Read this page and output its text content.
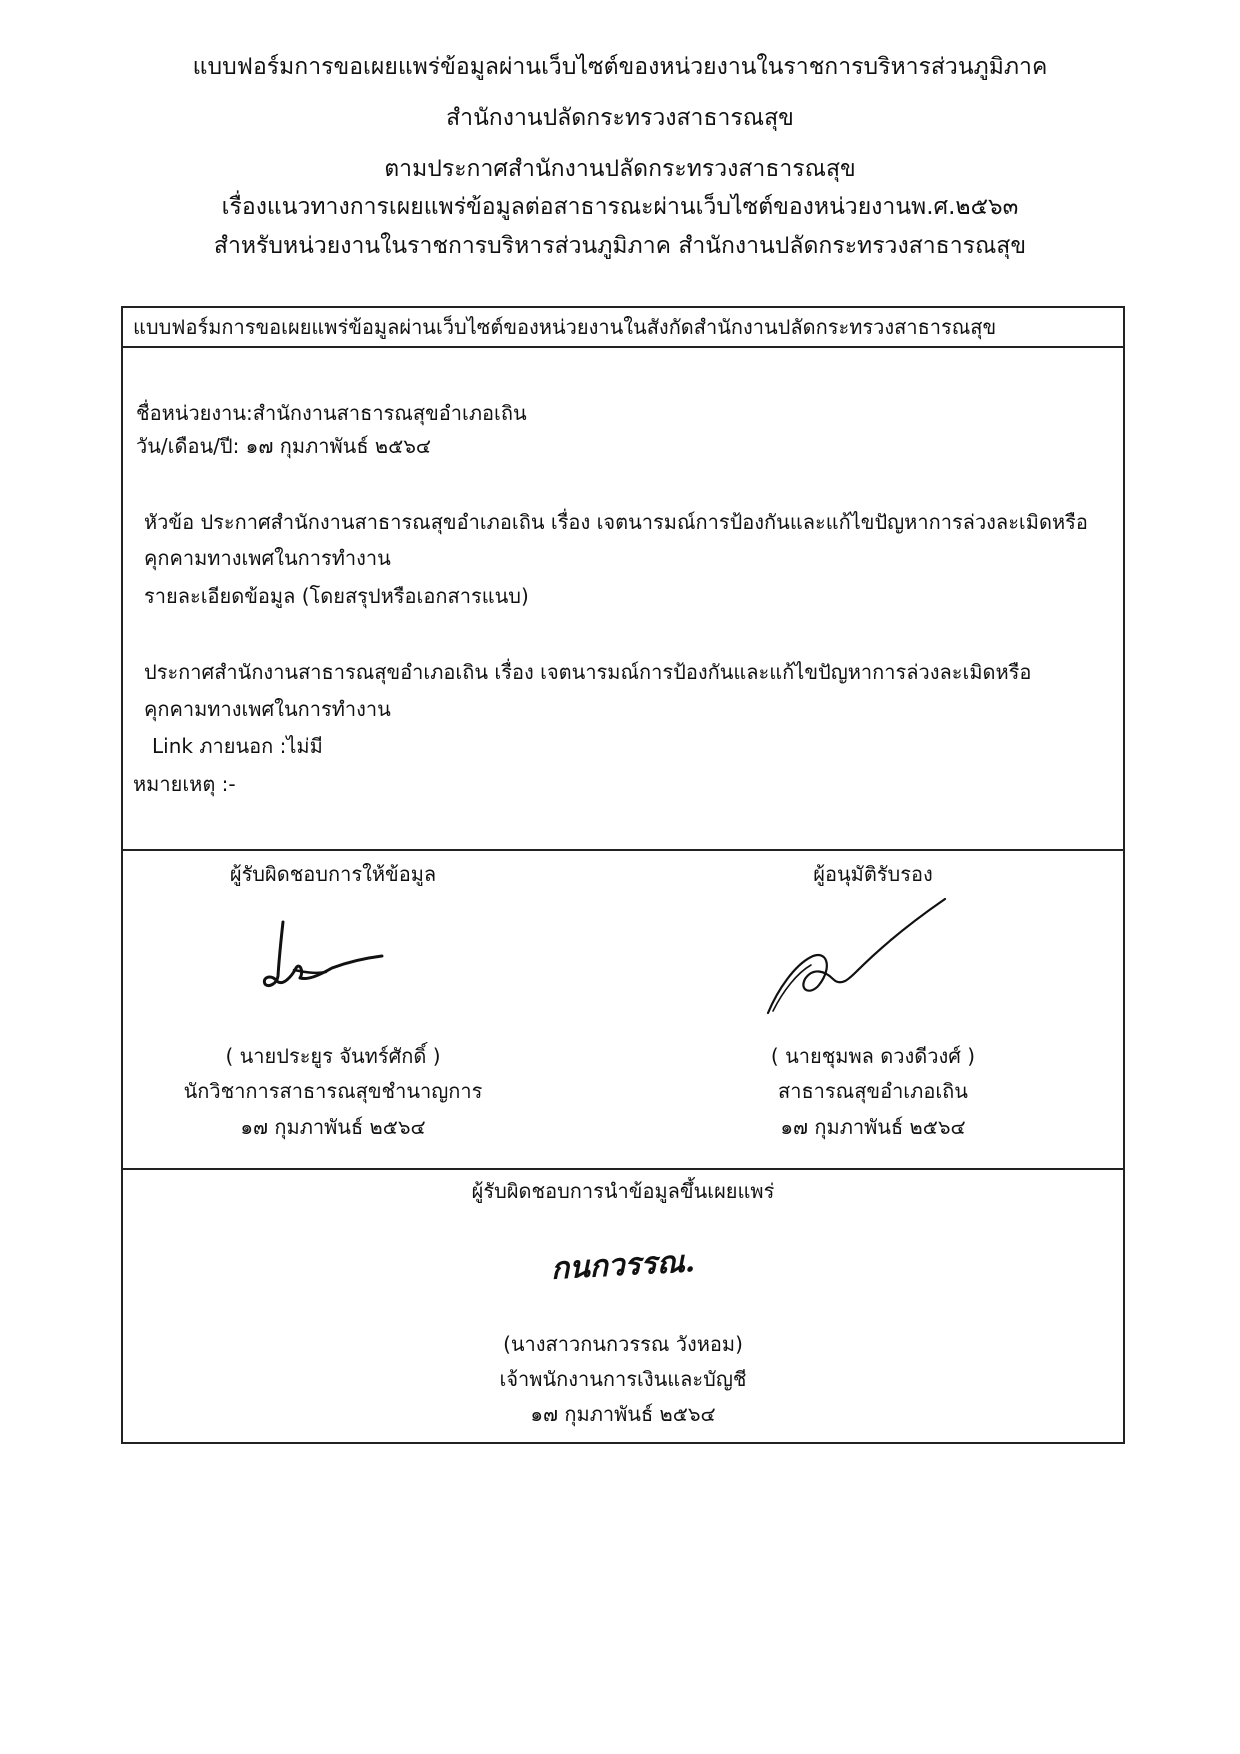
แบบฟอร์มการขอเผยแพร่ข้อมูลผ่านเว็บไซต์ของหน่วยงานในราชการบริหารส่วนภูมิภาค

สำนักงานปลัดกระทรวงสาธารณสุข

ตามประกาศสำนักงานปลัดกระทรวงสาธารณสุข

เรื่องแนวทางการเผยแพร่ข้อมูลต่อสาธารณะผ่านเว็บไซต์ของหน่วยงานพ.ศ.๒๕๖๓

สำหรับหน่วยงานในราชการบริหารส่วนภูมิภาค สำนักงานปลัดกระทรวงสาธารณสุข

แบบฟอร์มการขอเผยแพร่ข้อมูลผ่านเว็บไซต์ของหน่วยงานในสังกัดสำนักงานปลัดกระทรวงสาธารณสุข
ชื่อหน่วยงาน:สำนักงานสาธารณสุขอำเภอเถิน
วัน/เดือน/ปี: ๑๗ กุมภาพันธ์ ๒๕๖๔
หัวข้อ ประกาศสำนักงานสาธารณสุขอำเภอเถิน เรื่อง เจตนารมณ์การป้องกันและแก้ไขปัญหาการล่วงละเมิดหรือ
คุกคามทางเพศในการทำงาน
รายละเอียดข้อมูล (โดยสรุปหรือเอกสารแนบ)
ประกาศสำนักงานสาธารณสุขอำเภอเถิน เรื่อง เจตนารมณ์การป้องกันและแก้ไขปัญหาการล่วงละเมิดหรือ
คุกคามทางเพศในการทำงาน
Link ภายนอก :ไม่มี
หมายเหตุ :-
ผู้รับผิดชอบการให้ข้อมูล
( นายประยูร จันทร์ศักดิ์ )
นักวิชาการสาธารณสุขชำนาญการ
๑๗ กุมภาพันธ์ ๒๕๖๔
ผู้อนุมัติรับรอง
( นายชุมพล ดวงดีวงศ์ )
สาธารณสุขอำเภอเถิน
๑๗ กุมภาพันธ์ ๒๕๖๔
ผู้รับผิดชอบการนำข้อมูลขึ้นเผยแพร่
กนกวรรณ.
(นางสาวกนกวรรณ วังหอม)
เจ้าพนักงานการเงินและบัญชี
๑๗ กุมภาพันธ์ ๒๕๖๔
